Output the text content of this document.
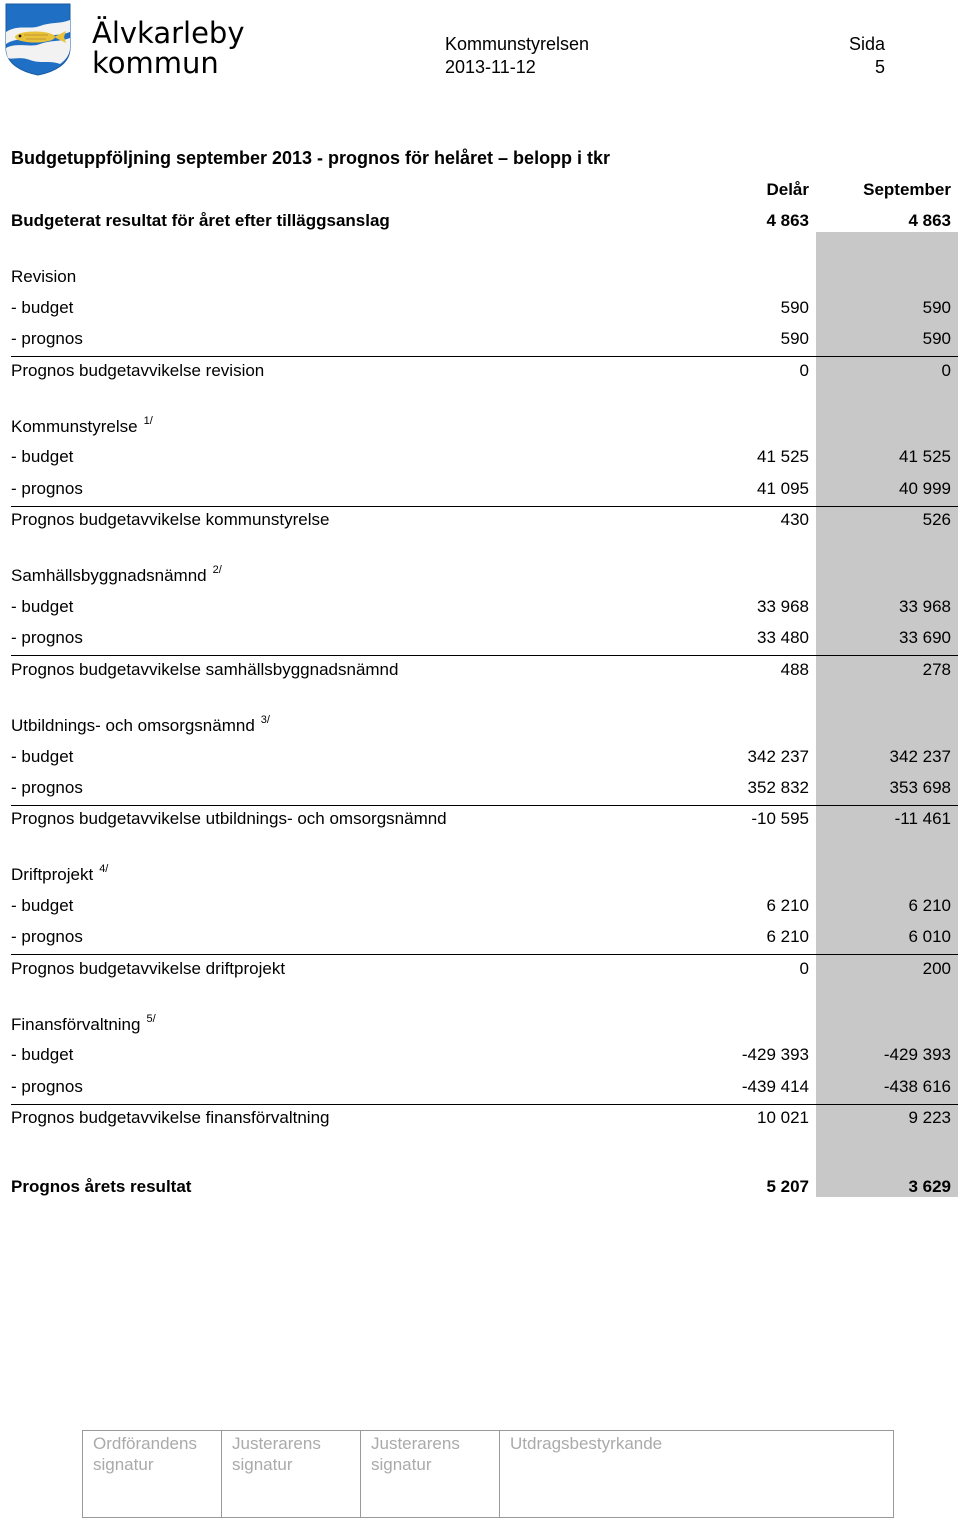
Älvkarleby
kommun
Kommunstyrelsen
2013-11-12
Sida
5
Budgetuppföljning september 2013 - prognos för helåret – belopp i tkr
Delår	September
Budgeterat resultat för året efter tilläggsanslag	4 863	4 863
Revision
- budget	590	590
- prognos	590	590
Prognos budgetavvikelse revision	0	0
Kommunstyrelse $^{1/}$
- budget	41 525	41 525
- prognos	41 095	40 999
Prognos budgetavvikelse kommunstyrelse	430	526
Samhällsbyggnadsnämnd $^{2/}$
- budget	33 968	33 968
- prognos	33 480	33 690
Prognos budgetavvikelse samhällsbyggnadsnämnd	488	278
Utbildnings- och omsorgsnämnd $^{3/}$
- budget	342 237	342 237
- prognos	352 832	353 698
Prognos budgetavvikelse utbildnings- och omsorgsnämnd	-10 595	-11 461
Driftprojekt $^{4/}$
- budget	6 210	6 210
- prognos	6 210	6 010
Prognos budgetavvikelse driftprojekt	0	200
Finansförvaltning $^{5/}$
- budget	-429 393	-429 393
- prognos	-439 414	-438 616
Prognos budgetavvikelse finansförvaltning	10 021	9 223
Prognos årets resultat	5 207	3 629
Ordförandens
signatur
Justerarens
signatur
Justerarens
signatur
Utdragsbestyrkande
